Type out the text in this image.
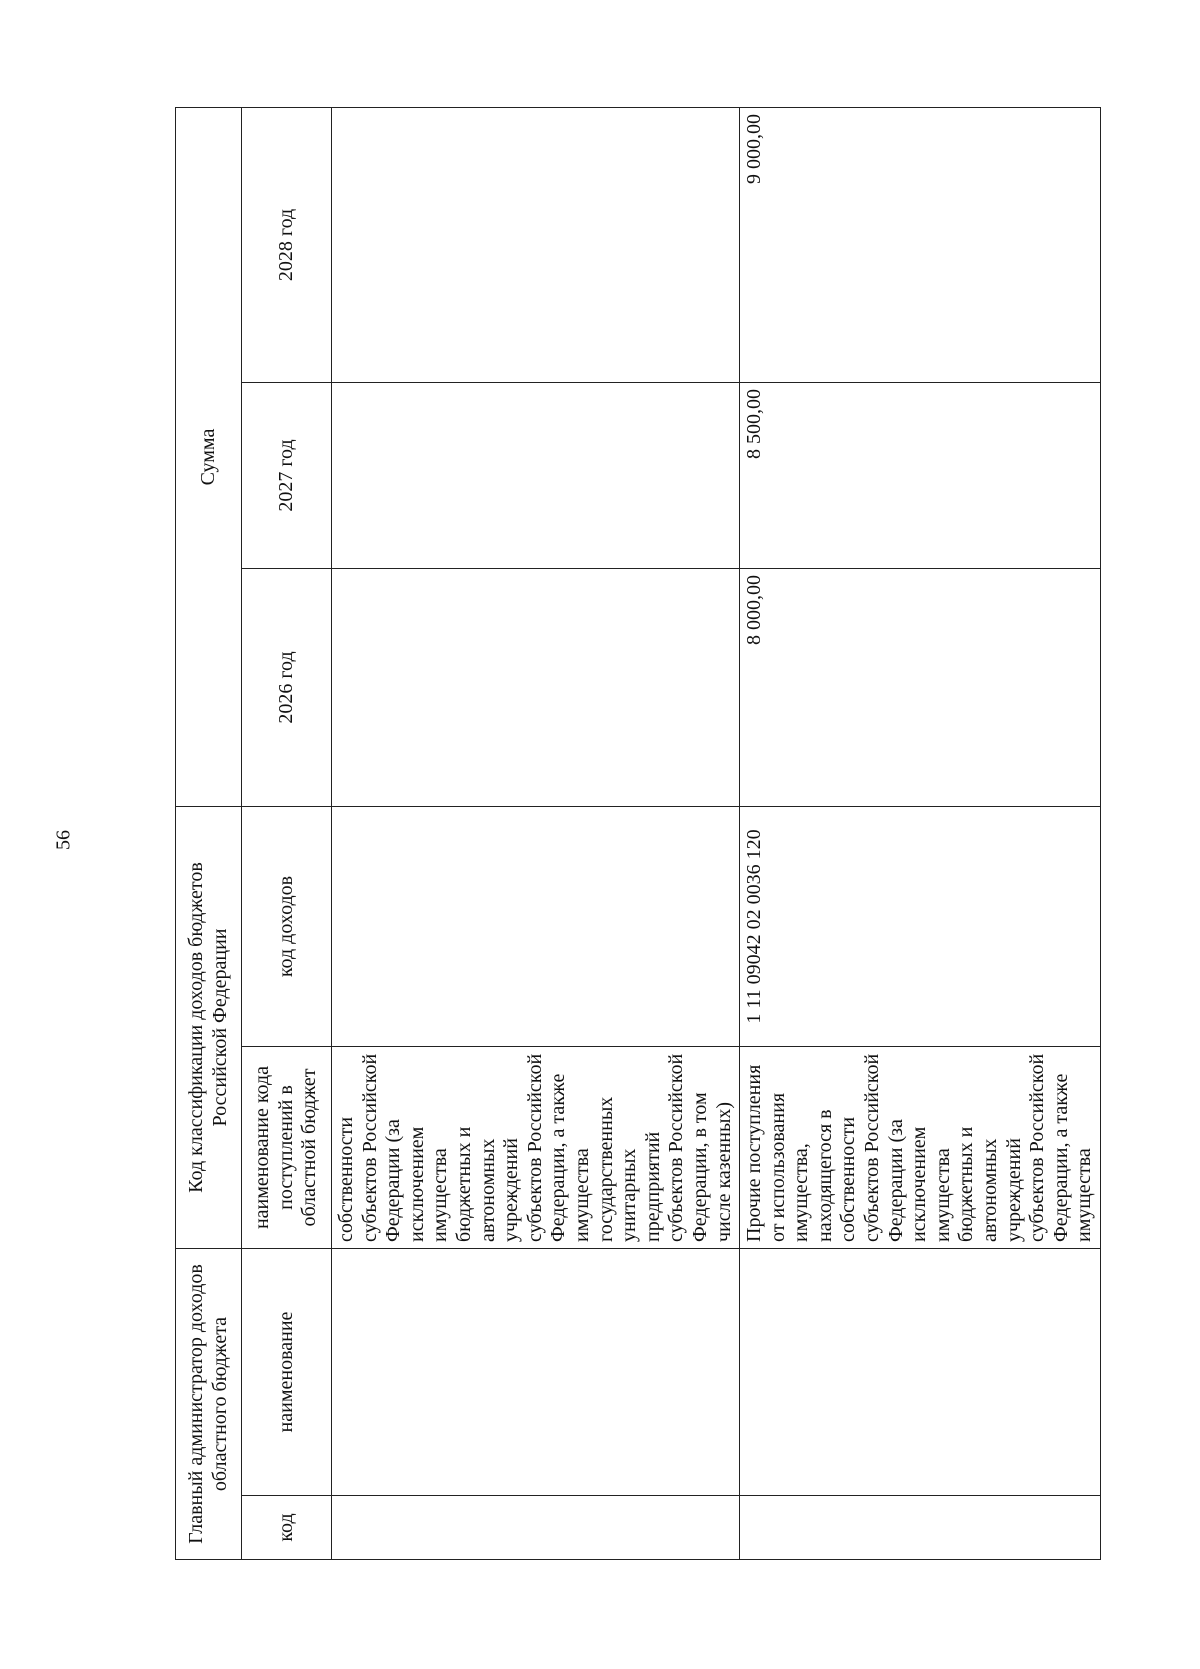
56
Главный администратор доходов областного бюджета		Код классификации доходов бюджетов Российской Федерации		Сумма		
код	наименование	наименование кода поступлений в областной бюджет	код доходов	2026 год	2027 год	2028 год
		собственности субъектов Российской Федерации (за исключением имущества бюджетных и автономных учреждений субъектов Российской Федерации, а также имущества государственных унитарных предприятий субъектов Российской Федерации, в том числе казенных)				
		Прочие поступления от использования имущества, находящегося в собственности субъектов Российской Федерации (за исключением имущества бюджетных и автономных учреждений субъектов Российской Федерации, а также имущества	1 11 09042 02 0036 120	8 000,00	8 500,00	9 000,00
